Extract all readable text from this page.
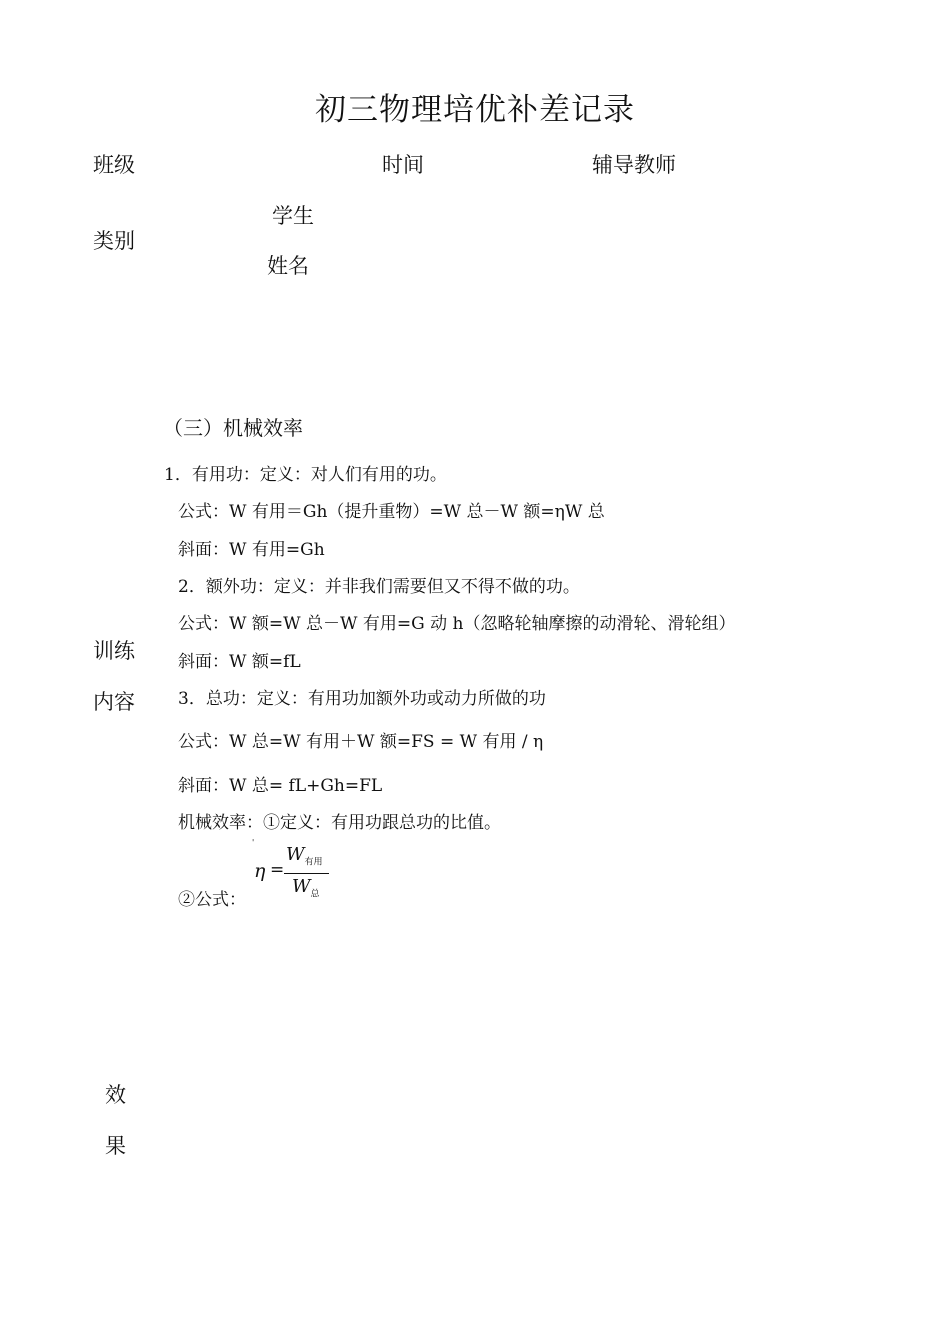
初三物理培优补差记录
班级	时间	辅导教师
类别
学生
姓名
（三）机械效率
1．有用功：定义：对人们有用的功。
公式：W 有用＝Gh（提升重物）=W 总－W 额=ηW 总
斜面：W 有用=Gh
2．额外功：定义：并非我们需要但又不得不做的功。
公式：W 额=W 总－W 有用=G 动 h（忽略轮轴摩擦的动滑轮、滑轮组）
斜面：W 额=fL
3．总功：定义：有用功加额外功或动力所做的功
公式：W 总=W 有用＋W 额=FS = W 有用 / η
斜面：W 总= fL+Gh=FL
机械效率：①定义：有用功跟总功的比值。
训练
内容
②公式：
'
η =
$W_{有用}$
$W_总$
效
果
